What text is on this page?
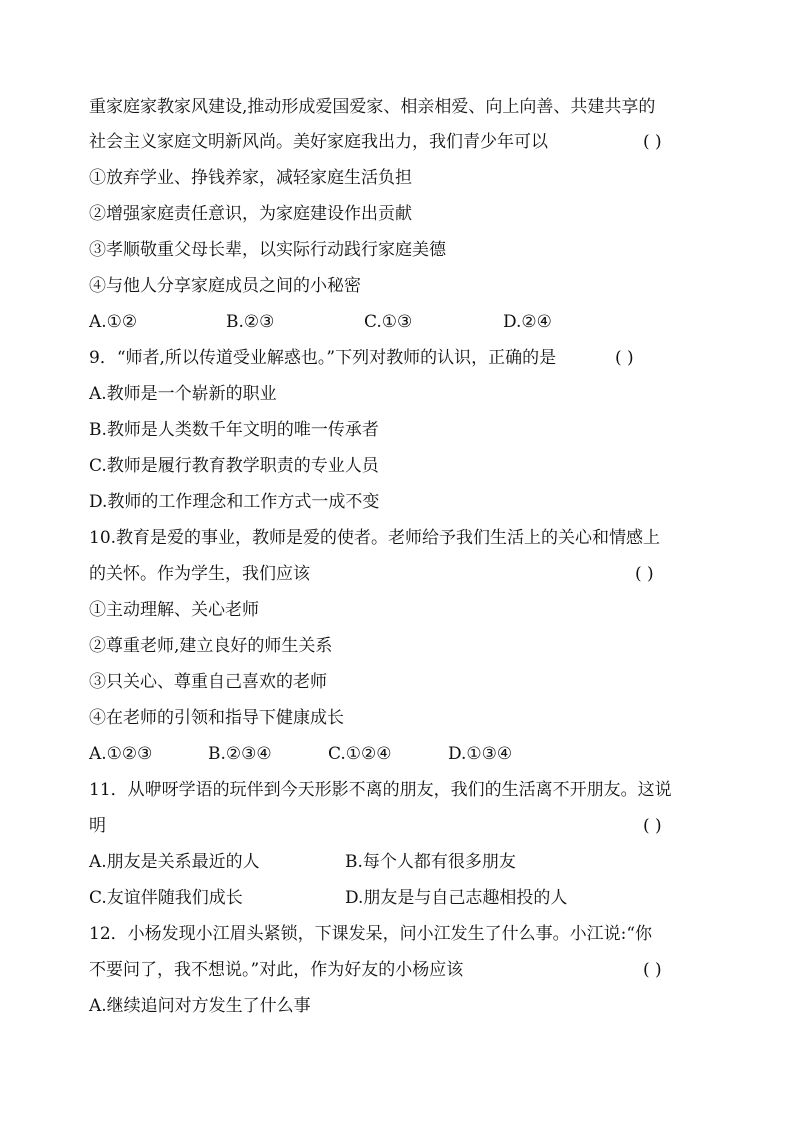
重家庭家教家风建设,推动形成爱国爱家、相亲相爱、向上向善、共建共享的
社会主义家庭文明新风尚。美好家庭我出力，我们青少年可以	( )
①放弃学业、挣钱养家，减轻家庭生活负担
②增强家庭责任意识，为家庭建设作出贡献
③孝顺敬重父母长辈，以实际行动践行家庭美德
④与他人分享家庭成员之间的小秘密
A.①②	B.②③	C.①③	D.②④
9．“师者,所以传道受业解惑也。”下列对教师的认识，正确的是	( )
A.教师是一个崭新的职业
B.教师是人类数千年文明的唯一传承者
C.教师是履行教育教学职责的专业人员
D.教师的工作理念和工作方式一成不变
10.教育是爱的事业，教师是爱的使者。老师给予我们生活上的关心和情感上
的关怀。作为学生，我们应该	( )
①主动理解、关心老师
②尊重老师,建立良好的师生关系
③只关心、尊重自己喜欢的老师
④在老师的引领和指导下健康成长
A.①②③	B.②③④	C.①②④	D.①③④
11．从咿呀学语的玩伴到今天形影不离的朋友，我们的生活离不开朋友。这说
明	( )
A.朋友是关系最近的人	B.每个人都有很多朋友
C.友谊伴随我们成长	D.朋友是与自己志趣相投的人
12．小杨发现小江眉头紧锁，下课发呆，问小江发生了什么事。小江说:“你
不要问了，我不想说。”对此，作为好友的小杨应该	( )
A.继续追问对方发生了什么事
